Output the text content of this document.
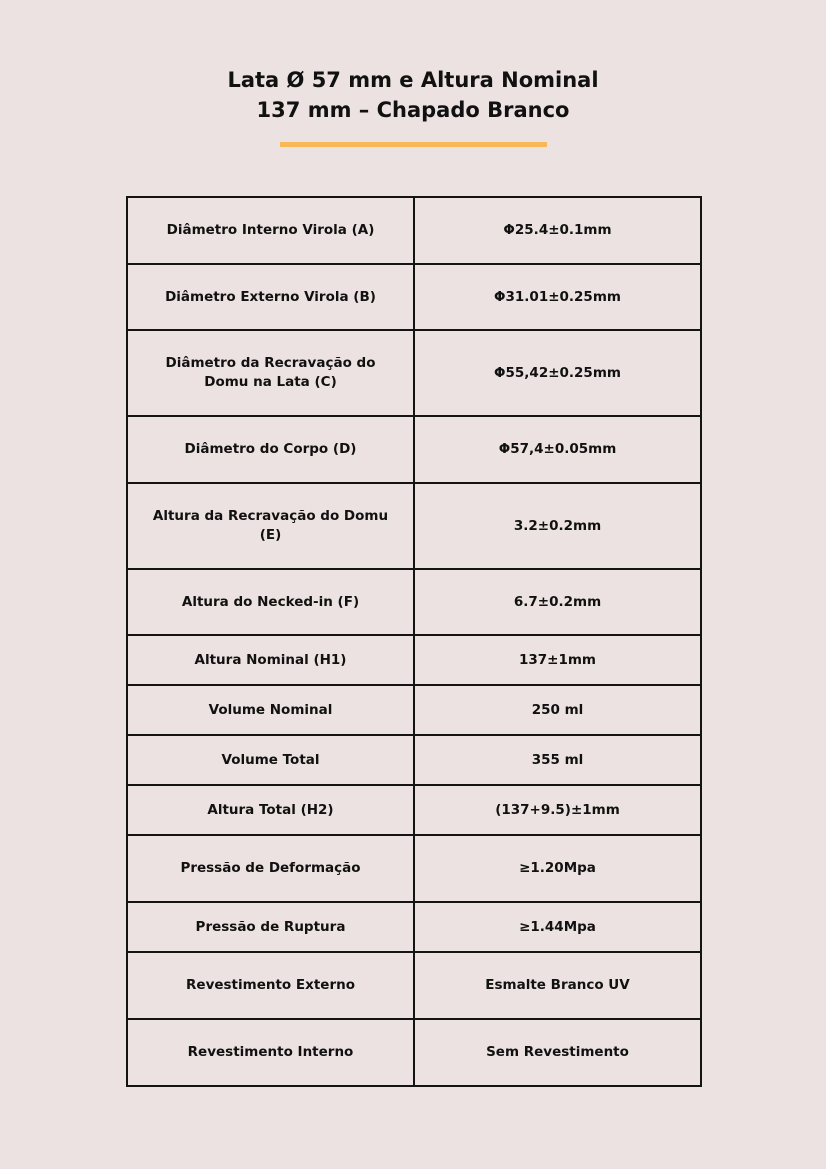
Lata Ø 57 mm e Altura Nominal
137 mm – Chapado Branco
Diâmetro Interno Virola (A)	Φ25.4±0.1mm
Diâmetro Externo Virola (B)	Φ31.01±0.25mm
Diâmetro da Recravação do Domu na Lata (C)	Φ55,42±0.25mm
Diâmetro do Corpo (D)	Φ57,4±0.05mm
Altura da Recravação do Domu (E)	3.2±0.2mm
Altura do Necked-in (F)	6.7±0.2mm
Altura Nominal (H1)	137±1mm
Volume Nominal	250 ml
Volume Total	355 ml
Altura Total (H2)	(137+9.5)±1mm
Pressão de Deformação	≥1.20Mpa
Pressão de Ruptura	≥1.44Mpa
Revestimento Externo	Esmalte Branco UV
Revestimento Interno	Sem Revestimento
